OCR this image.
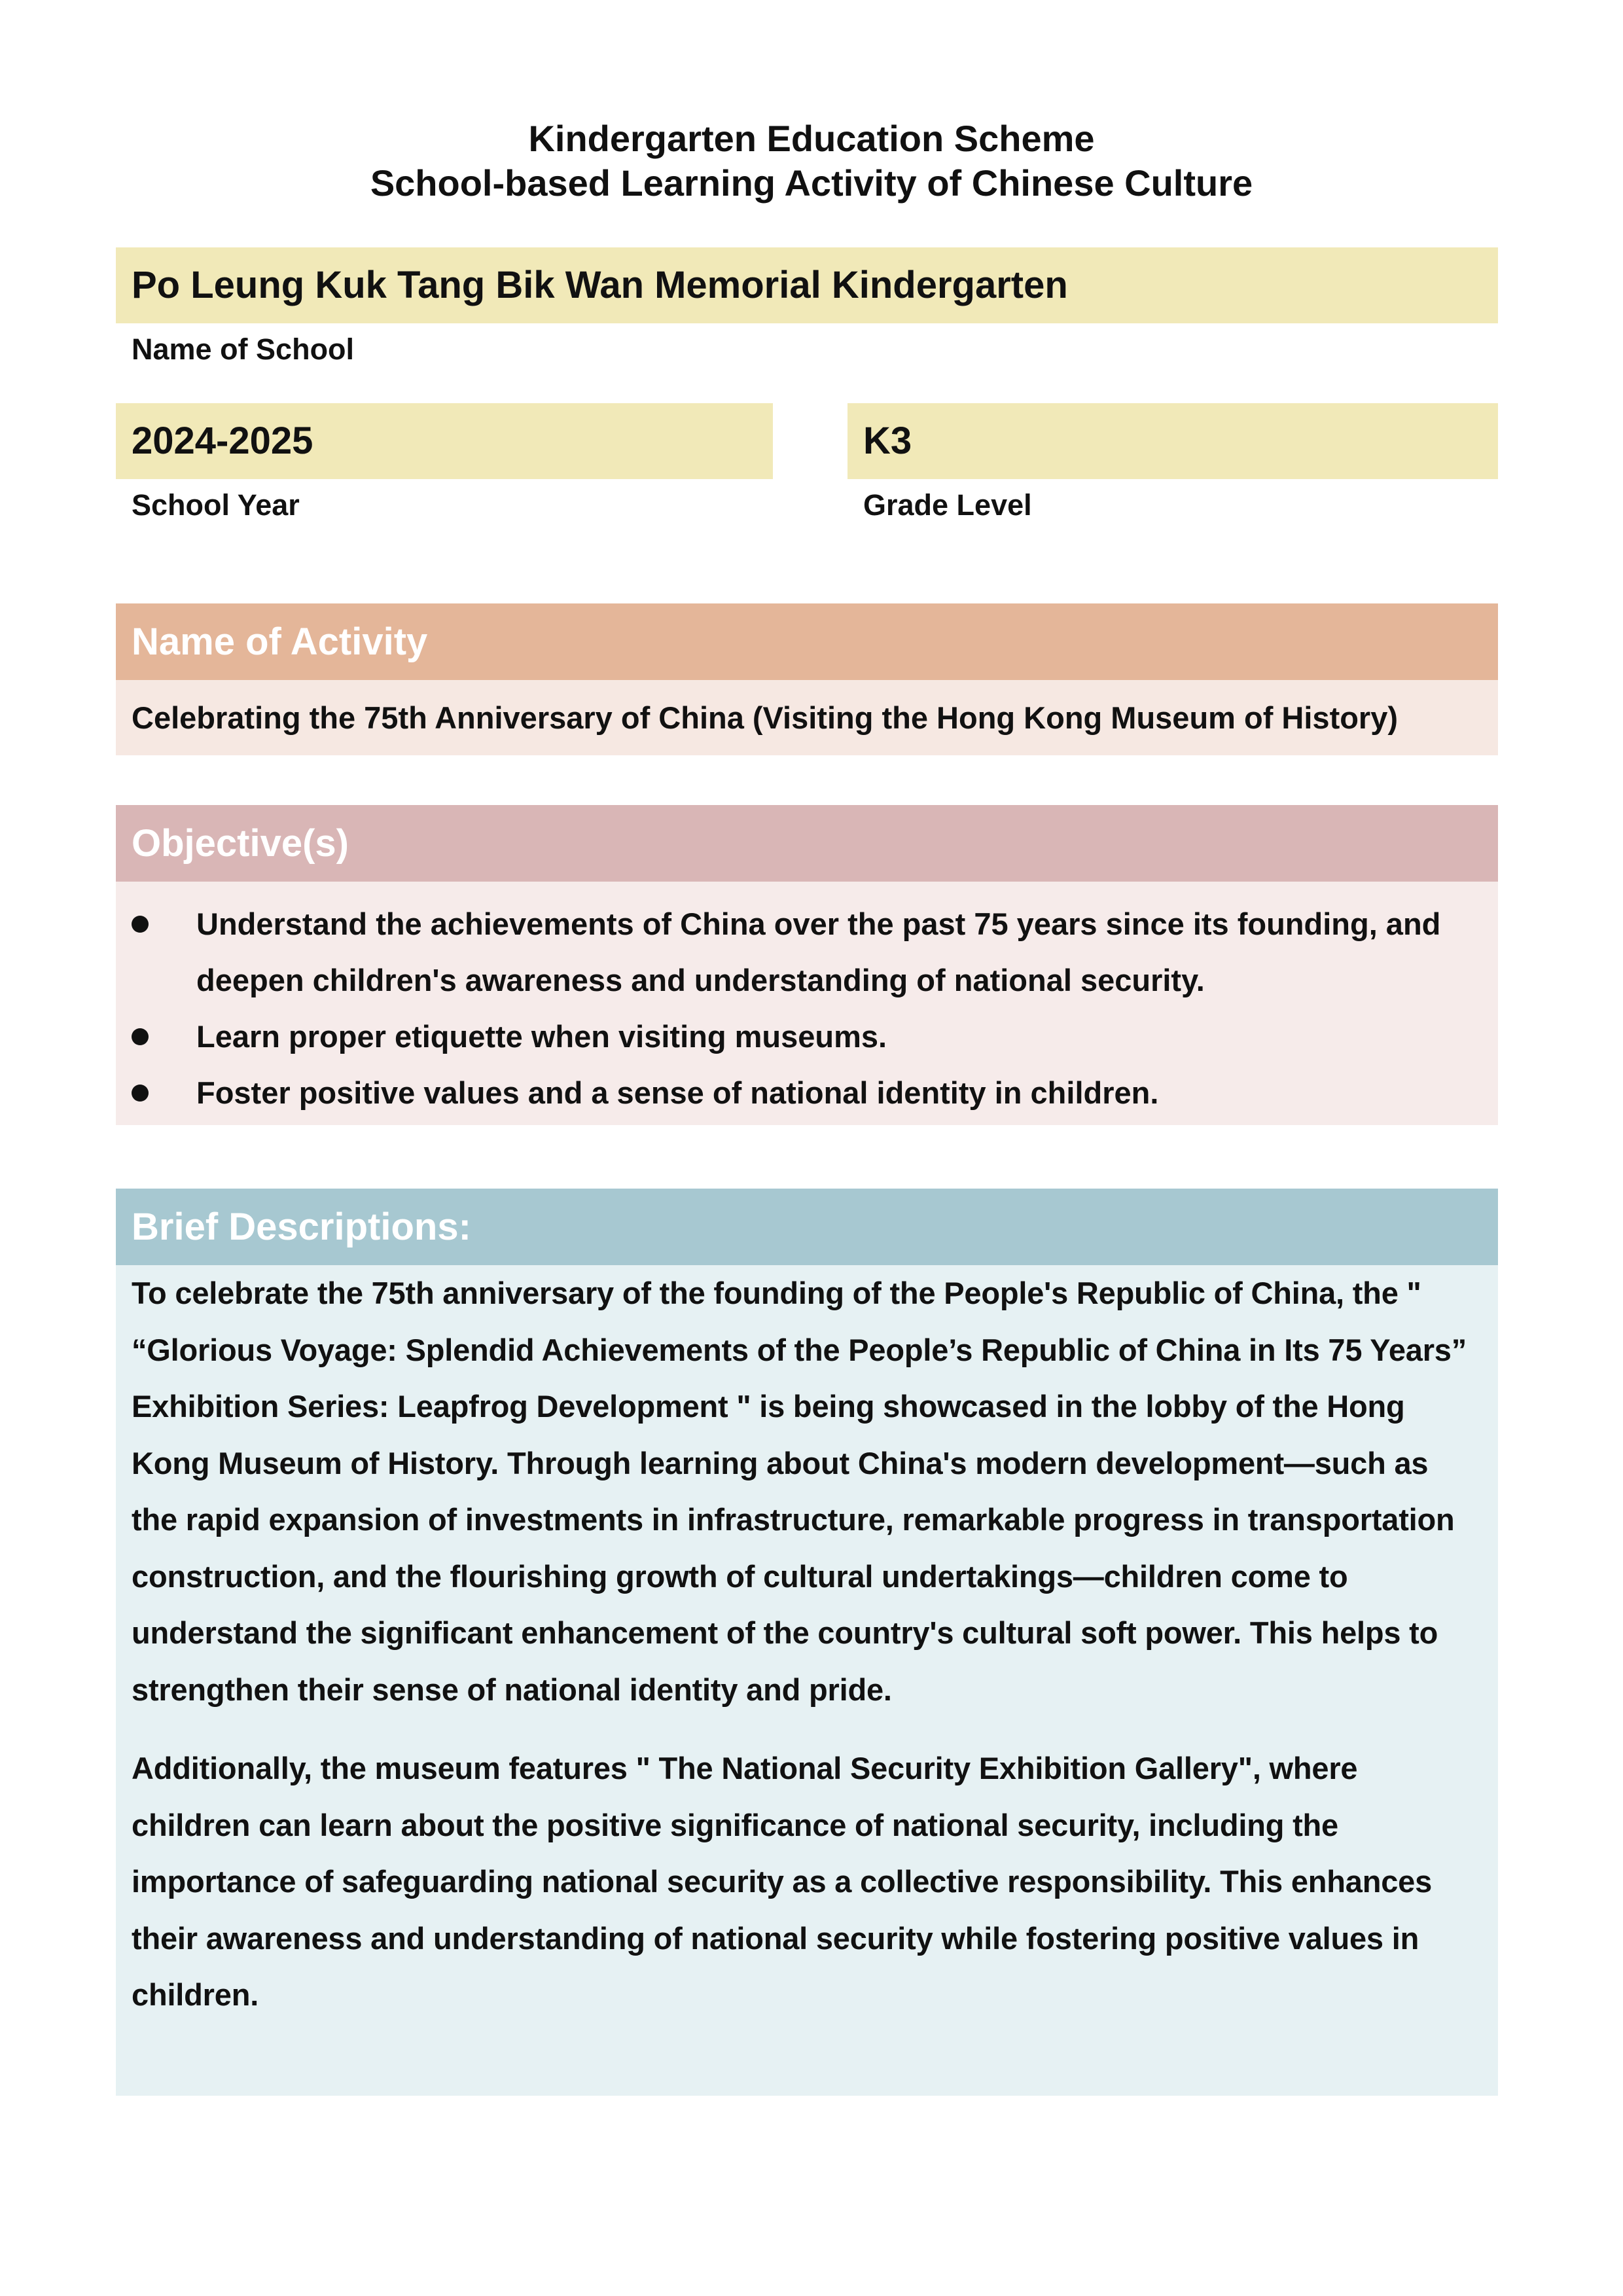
Kindergarten Education Scheme
School-based Learning Activity of Chinese Culture
Po Leung Kuk Tang Bik Wan Memorial Kindergarten
Name of School
2024-2025
School Year
K3
Grade Level
Name of Activity
Celebrating the 75th Anniversary of China (Visiting the Hong Kong Museum of History)
Objective(s)
Understand the achievements of China over the past 75 years since its founding, and deepen children's awareness and understanding of national security.
Learn proper etiquette when visiting museums.
Foster positive values and a sense of national identity in children.
Brief Descriptions:

To celebrate the 75th anniversary of the founding of the People's Republic of China, the " “Glorious Voyage: Splendid Achievements of the People’s Republic of China in Its 75 Years” Exhibition Series: Leapfrog Development " is being showcased in the lobby of the Hong Kong Museum of History. Through learning about China's modern development—such as the rapid expansion of investments in infrastructure, remarkable progress in transportation construction, and the flourishing growth of cultural undertakings—children come to understand the significant enhancement of the country's cultural soft power. This helps to strengthen their sense of national identity and pride.

Additionally, the museum features " The National Security Exhibition Gallery", where children can learn about the positive significance of national security, including the importance of safeguarding national security as a collective responsibility. This enhances their awareness and understanding of national security while fostering positive values in children.
